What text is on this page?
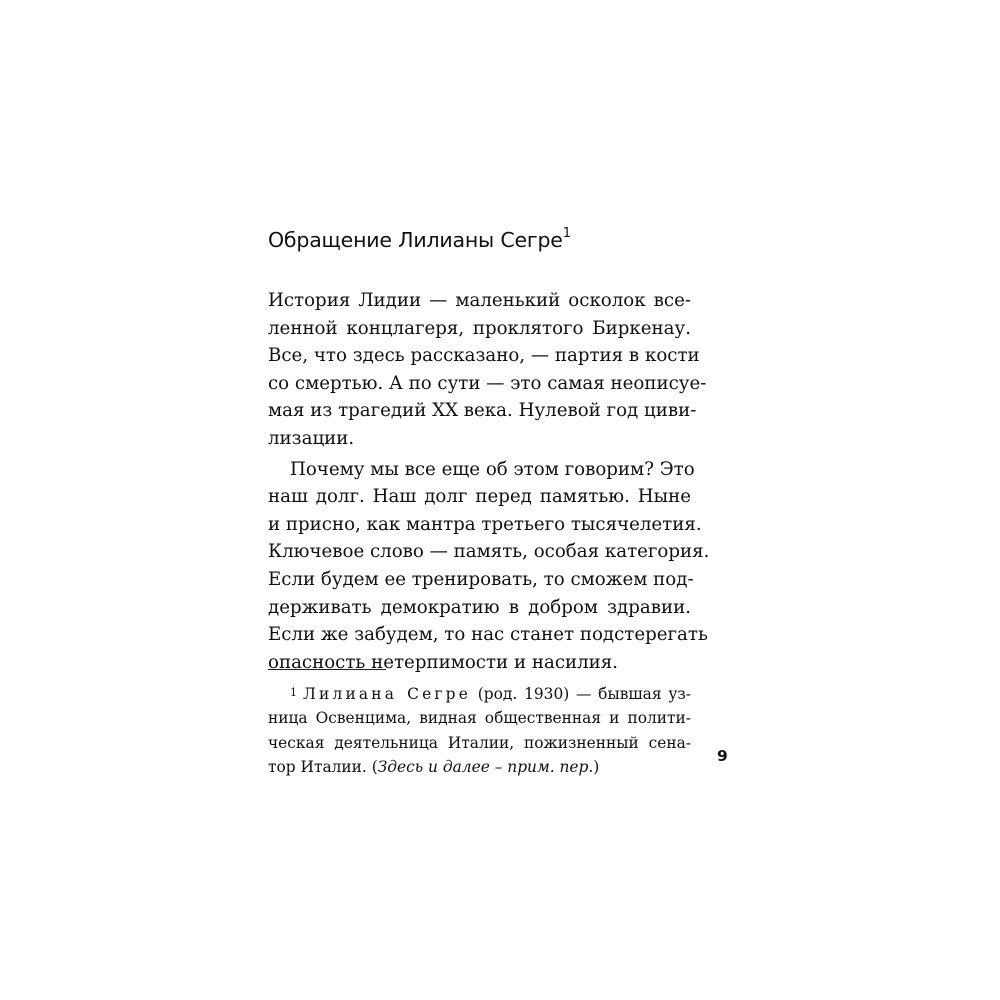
Обращение Лилианы Сегре$^1$
История Лидии — маленький осколок все-
ленной концлагеря, проклятого Биркенау.
Все, что здесь рассказано, — партия в кости
со смертью. А по сути — это самая неописуе-
мая из трагедий XX века. Нулевой год циви-
лизации.
Почему мы все еще об этом говорим? Это
наш долг. Наш долг перед памятью. Ныне
и присно, как мантра третьего тысячелетия.
Ключевое слово — память, особая категория.
Если будем ее тренировать, то сможем под-
держивать демократию в добром здравии.
Если же забудем, то нас станет подстерегать
опасность нетерпимости и насилия.
$^1$ Лилиана Сегре (род. 1930) — бывшая уз-
ница Освенцима, видная общественная и полити-
ческая деятельница Италии, пожизненный сена-
тор Италии. (Здесь и далее – прим. пер.)
9
